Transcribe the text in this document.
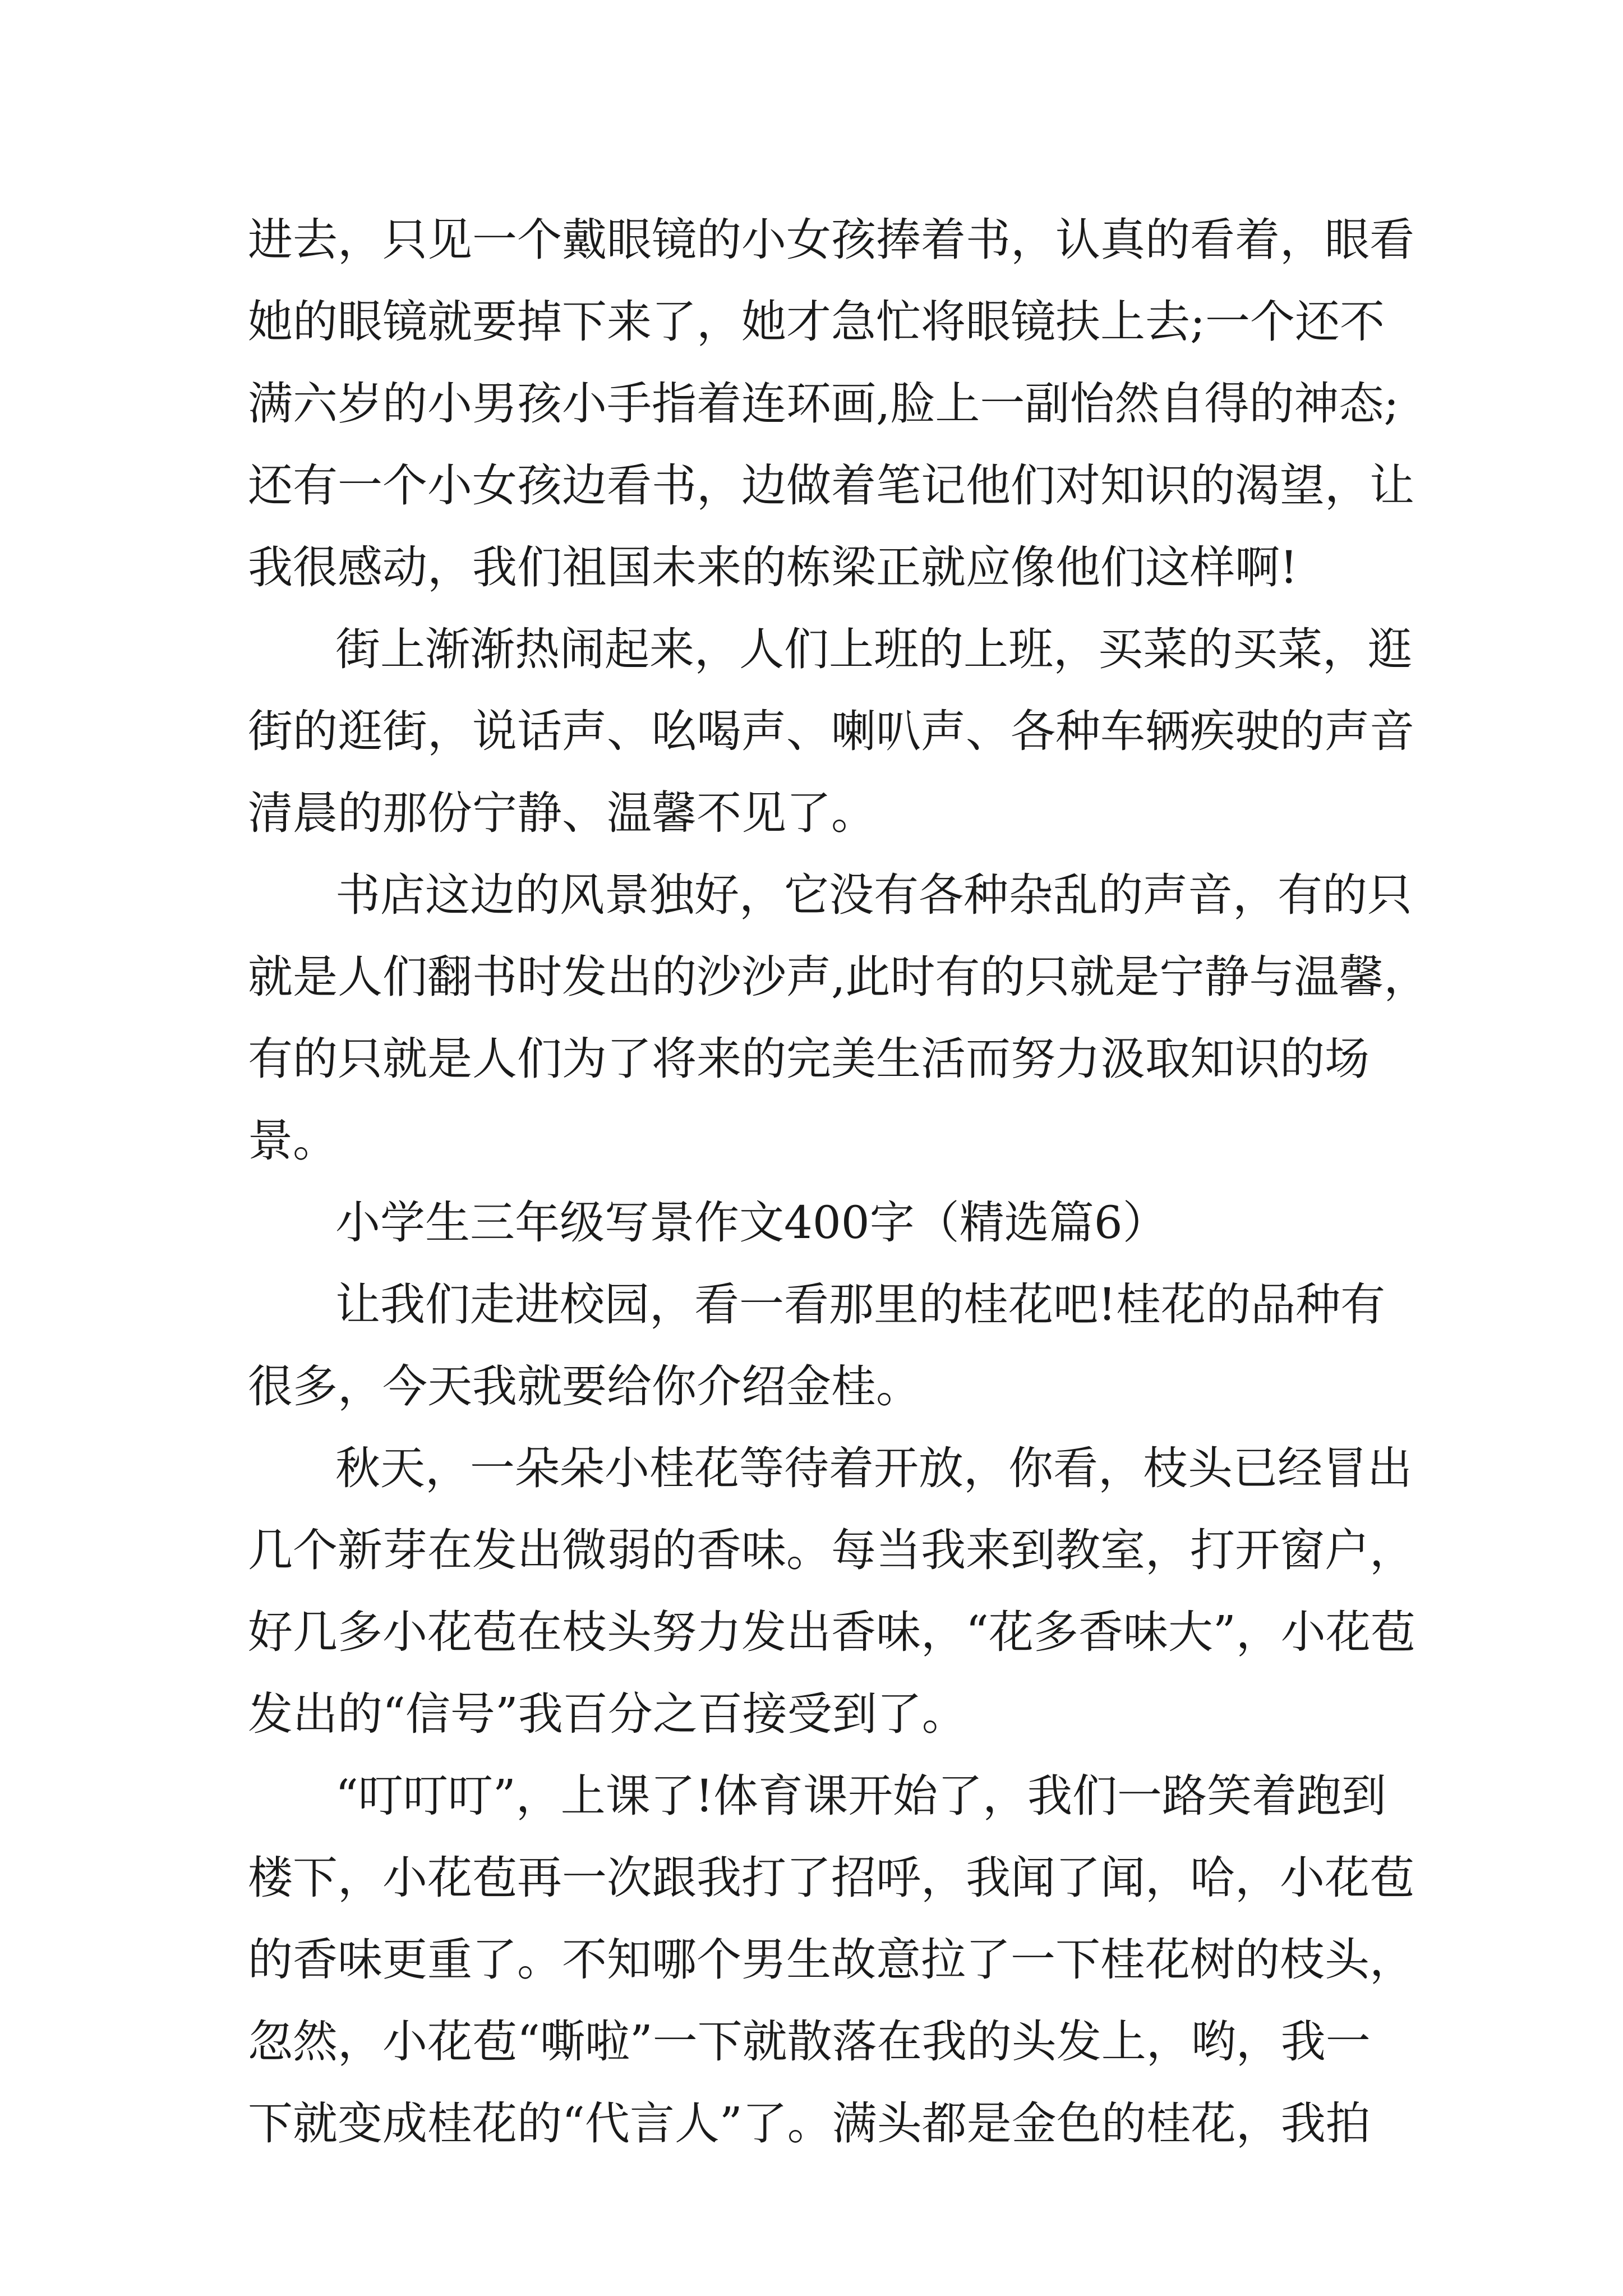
进去，只见一个戴眼镜的小女孩捧着书，认真的看着，眼看
她的眼镜就要掉下来了，她才急忙将眼镜扶上去;一个还不
满六岁的小男孩小手指着连环画,脸上一副怡然自得的神态;
还有一个小女孩边看书，边做着笔记他们对知识的渴望，让
我很感动，我们祖国未来的栋梁正就应像他们这样啊!
街上渐渐热闹起来，人们上班的上班，买菜的买菜，逛
街的逛街，说话声、吆喝声、喇叭声、各种车辆疾驶的声音
清晨的那份宁静、温馨不见了。
书店这边的风景独好，它没有各种杂乱的声音，有的只
就是人们翻书时发出的沙沙声,此时有的只就是宁静与温馨，
有的只就是人们为了将来的完美生活而努力汲取知识的场
景。
小学生三年级写景作文400字（精选篇6）
让我们走进校园，看一看那里的桂花吧!桂花的品种有
很多，今天我就要给你介绍金桂。
秋天，一朵朵小桂花等待着开放，你看，枝头已经冒出
几个新芽在发出微弱的香味。每当我来到教室，打开窗户，
好几多小花苞在枝头努力发出香味，“花多香味大”，小花苞
发出的“信号”我百分之百接受到了。
“叮叮叮”，上课了!体育课开始了，我们一路笑着跑到
楼下，小花苞再一次跟我打了招呼，我闻了闻，哈，小花苞
的香味更重了。不知哪个男生故意拉了一下桂花树的枝头，
忽然，小花苞“嘶啦”一下就散落在我的头发上，哟，我一
下就变成桂花的“代言人”了。满头都是金色的桂花，我拍
